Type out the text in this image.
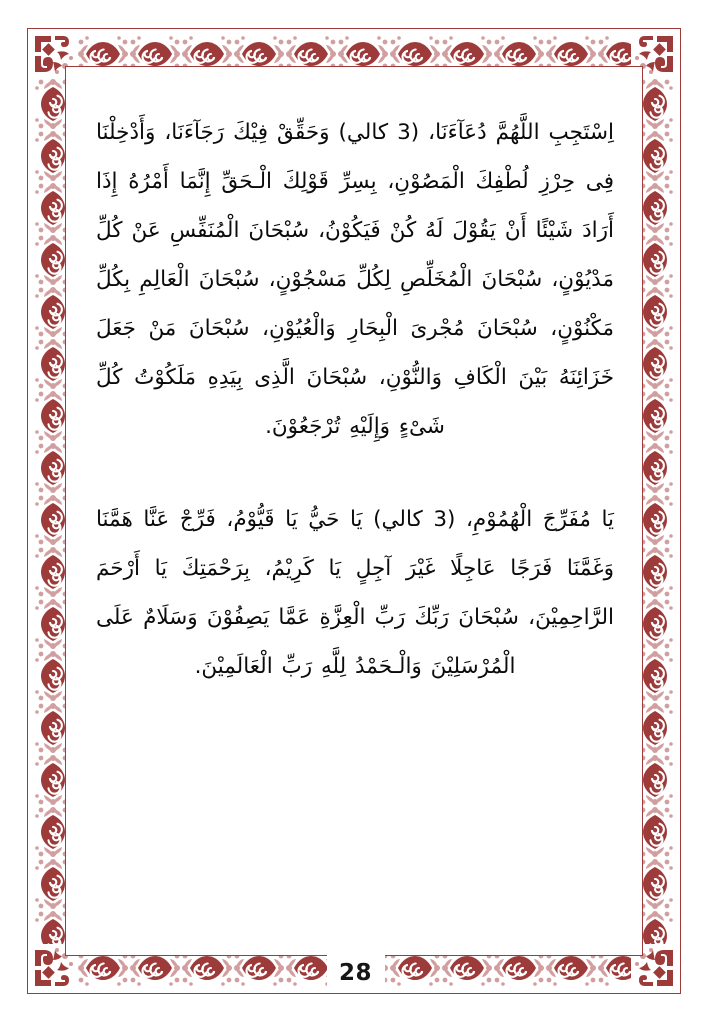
اِسْتَجِبِ اللَّهُمَّ دُعَآءَنَا، (3 كالي) وَحَقِّقْ فِيْكَ رَجَآءَنَا، وَأَدْخِلْنَا فِى حِرْزِ لُطْفِكَ الْمَصُوْنِ، بِسِرِّ قَوْلِكَ الْـحَقِّ إِنَّمَا أَمْرُهُ إِذَا أَرَادَ شَيْئًا أَنْ يَقُوْلَ لَهُ كُنْ فَيَكُوْنُ، سُبْحَانَ الْمُنَفِّسِ عَنْ كُلِّ مَدْيُوْنٍ، سُبْحَانَ الْمُخَلِّصِ لِكُلِّ مَسْجُوْنٍ، سُبْحَانَ الْعَالِمِ بِكُلِّ مَكْنُوْنٍ، سُبْحَانَ مُجْرىَ الْبِحَارِ وَالْعُيُوْنِ، سُبْحَانَ مَنْ جَعَلَ خَزَائِنَهُ بَيْنَ الْكَافِ وَالنُّوْنِ، سُبْحَانَ الَّذِى بِيَدِهِ مَلَكُوْتُ كُلِّ شَىْءٍ وَإِلَيْهِ تُرْجَعُوْنَ.

يَا مُفَرِّجَ الْهُمُوْمِ، (3 كالي) يَا حَيُّ يَا قَيُّوْمُ، فَرِّجْ عَنَّا هَمَّنَا وَغَمَّنَا فَرَجًا عَاجِلًا غَيْرَ آجِلٍ يَا كَرِيْمُ، بِرَحْمَتِكَ يَا أَرْحَمَ الرَّاحِمِيْنَ، سُبْحَانَ رَبِّكَ رَبِّ الْعِزَّةِ عَمَّا يَصِفُوْنَ وَسَلَامٌ عَلَى الْمُرْسَلِيْنَ وَالْـحَمْدُ لِلَّهِ رَبِّ الْعَالَمِيْنَ.

28
